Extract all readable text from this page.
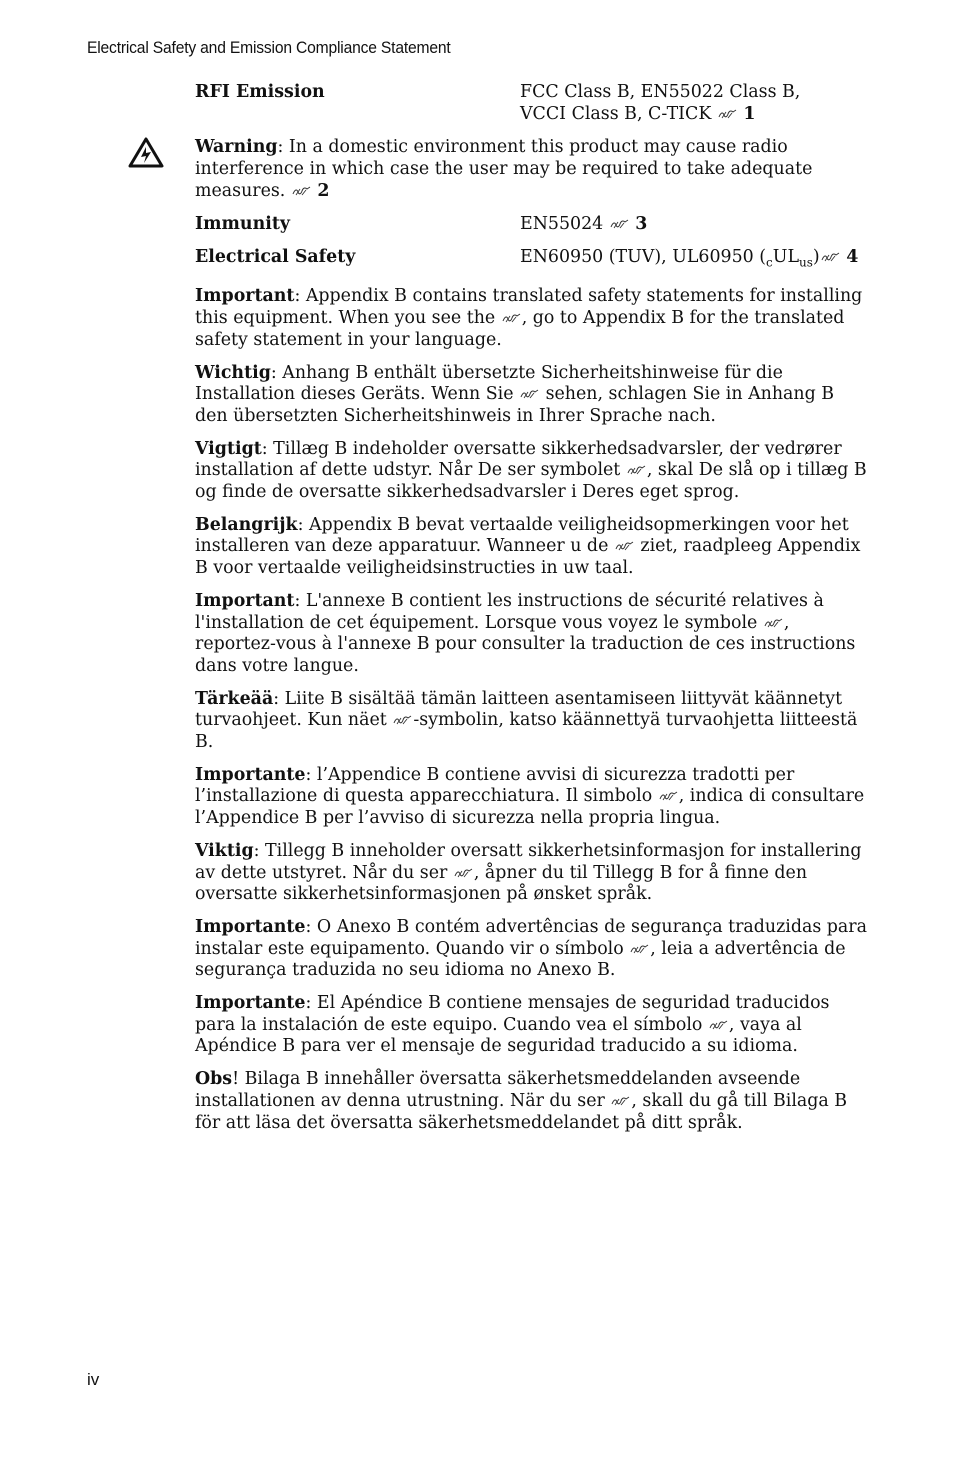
Electrical Safety and Emission Compliance Statement
RFI Emission	FCC Class B, EN55022 Class B,
VCCI Class B, C-TICK 1
Warning: In a domestic environment this product may cause radio interference in which case the user may be required to take adequate measures. 2
Immunity	EN55024 3
Electrical Safety	EN60950 (TUV), UL60950 $(_cUL_{us})$ 4
Important: Appendix B contains translated safety statements for installing this equipment. When you see the
, go to Appendix B for the translated safety statement in your language.
Wichtig: Anhang B enthält übersetzte Sicherheitshinweise für die Installation dieses Geräts. Wenn Sie
sehen, schlagen Sie in Anhang B den übersetzten Sicherheitshinweis in Ihrer Sprache nach.
Vigtigt: Tillæg B indeholder oversatte sikkerhedsadvarsler, der vedrører installation af dette udstyr. Når De ser symbolet
, skal De slå op i tillæg B og finde de oversatte sikkerhedsadvarsler i Deres eget sprog.
Belangrijk: Appendix B bevat vertaalde veiligheidsopmerkingen voor het installeren van deze apparatuur. Wanneer u de
ziet, raadpleeg Appendix B voor vertaalde veiligheidsinstructies in uw taal.
Important: L'annexe B contient les instructions de sécurité relatives à l'installation de cet équipement. Lorsque vous voyez le symbole
, reportez-vous à l'annexe B pour consulter la traduction de ces instructions dans votre langue.
Tärkeää: Liite B sisältää tämän laitteen asentamiseen liittyvät käännetyt turvaohjeet. Kun näet
-symbolin, katso käännettyä turvaohjetta liitteestä B.
Importante: l’Appendice B contiene avvisi di sicurezza tradotti per l’installazione di questa apparecchiatura. Il simbolo
, indica di consultare l’Appendice B per l’avviso di sicurezza nella propria lingua.
Viktig: Tillegg B inneholder oversatt sikkerhetsinformasjon for installering av dette utstyret. Når du ser
, åpner du til Tillegg B for å finne den oversatte sikkerhetsinformasjonen på ønsket språk.
Importante: O Anexo B contém advertências de segurança traduzidas para instalar este equipamento. Quando vir o símbolo
, leia a advertência de segurança traduzida no seu idioma no Anexo B.
Importante: El Apéndice B contiene mensajes de seguridad traducidos para la instalación de este equipo. Cuando vea el símbolo
, vaya al Apéndice B para ver el mensaje de seguridad traducido a su idioma.
Obs! Bilaga B innehåller översatta säkerhetsmeddelanden avseende installationen av denna utrustning. När du ser
, skall du gå till Bilaga B för att läsa det översatta säkerhetsmeddelandet på ditt språk.
iv
